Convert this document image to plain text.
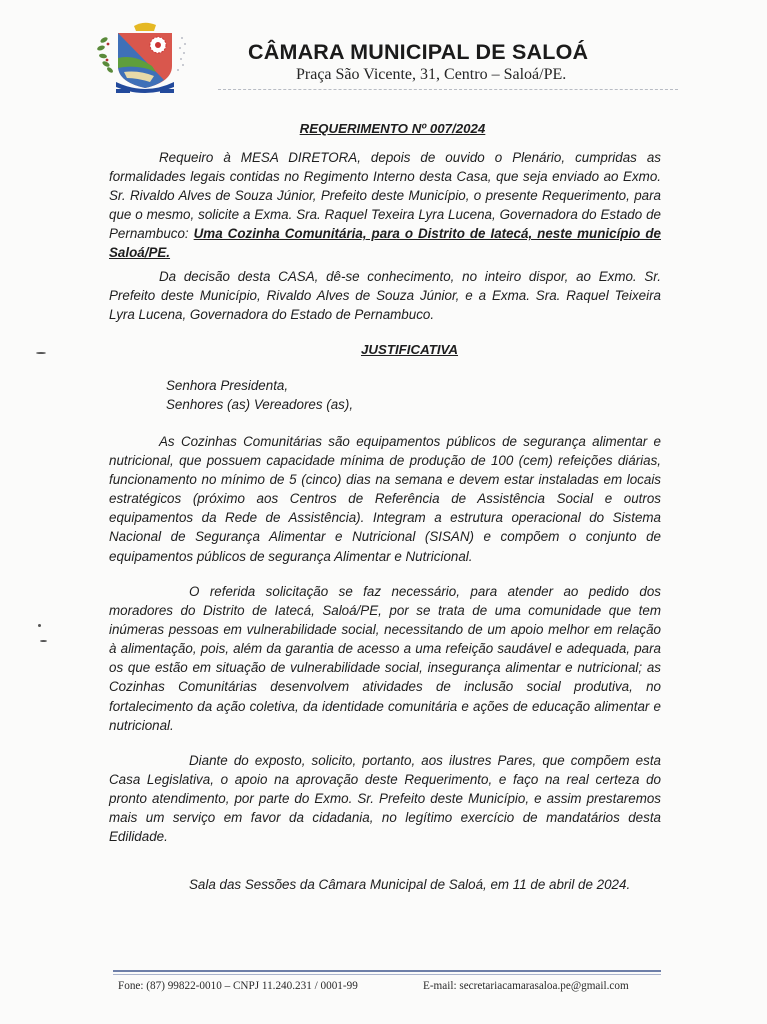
CÂMARA MUNICIPAL DE SALOÁ
Praça São Vicente, 31, Centro – Saloá/PE.
REQUERIMENTO Nº 007/2024
Requeiro à MESA DIRETORA, depois de ouvido o Plenário, cumpridas as formalidades legais contidas no Regimento Interno desta Casa, que seja enviado ao Exmo. Sr. Rivaldo Alves de Souza Júnior, Prefeito deste Município, o presente Requerimento, para que o mesmo, solicite a Exma. Sra. Raquel Texeira Lyra Lucena, Governadora do Estado de Pernambuco: Uma Cozinha Comunitária, para o Distrito de Iatecá, neste município de Saloá/PE.
Da decisão desta CASA, dê-se conhecimento, no inteiro dispor, ao Exmo. Sr. Prefeito deste Município, Rivaldo Alves de Souza Júnior, e a Exma. Sra. Raquel Teixeira Lyra Lucena, Governadora do Estado de Pernambuco.
JUSTIFICATIVA
Senhora Presidenta,
Senhores (as) Vereadores (as),
As Cozinhas Comunitárias são equipamentos públicos de segurança alimentar e nutricional, que possuem capacidade mínima de produção de 100 (cem) refeições diárias, funcionamento no mínimo de 5 (cinco) dias na semana e devem estar instaladas em locais estratégicos (próximo aos Centros de Referência de Assistência Social e outros equipamentos da Rede de Assistência). Integram a estrutura operacional do Sistema Nacional de Segurança Alimentar e Nutricional (SISAN) e compõem o conjunto de equipamentos públicos de segurança Alimentar e Nutricional.
O referida solicitação se faz necessário, para atender ao pedido dos moradores do Distrito de Iatecá, Saloá/PE, por se trata de uma comunidade que tem inúmeras pessoas em vulnerabilidade social, necessitando de um apoio melhor em relação à alimentação, pois, além da garantia de acesso a uma refeição saudável e adequada, para os que estão em situação de vulnerabilidade social, insegurança alimentar e nutricional; as Cozinhas Comunitárias desenvolvem atividades de inclusão social produtiva, no fortalecimento da ação coletiva, da identidade comunitária e ações de educação alimentar e nutricional.
Diante do exposto, solicito, portanto, aos ilustres Pares, que compõem esta Casa Legislativa, o apoio na aprovação deste Requerimento, e faço na real certeza do pronto atendimento, por parte do Exmo. Sr. Prefeito deste Município, e assim prestaremos mais um serviço em favor da cidadania, no legítimo exercício de mandatários desta Edilidade.
Sala das Sessões da Câmara Municipal de Saloá, em 11 de abril de 2024.
Fone: (87) 99822-0010 – CNPJ 11.240.231 / 0001-99	E-mail: secretariacamarasaloa.pe@gmail.com
